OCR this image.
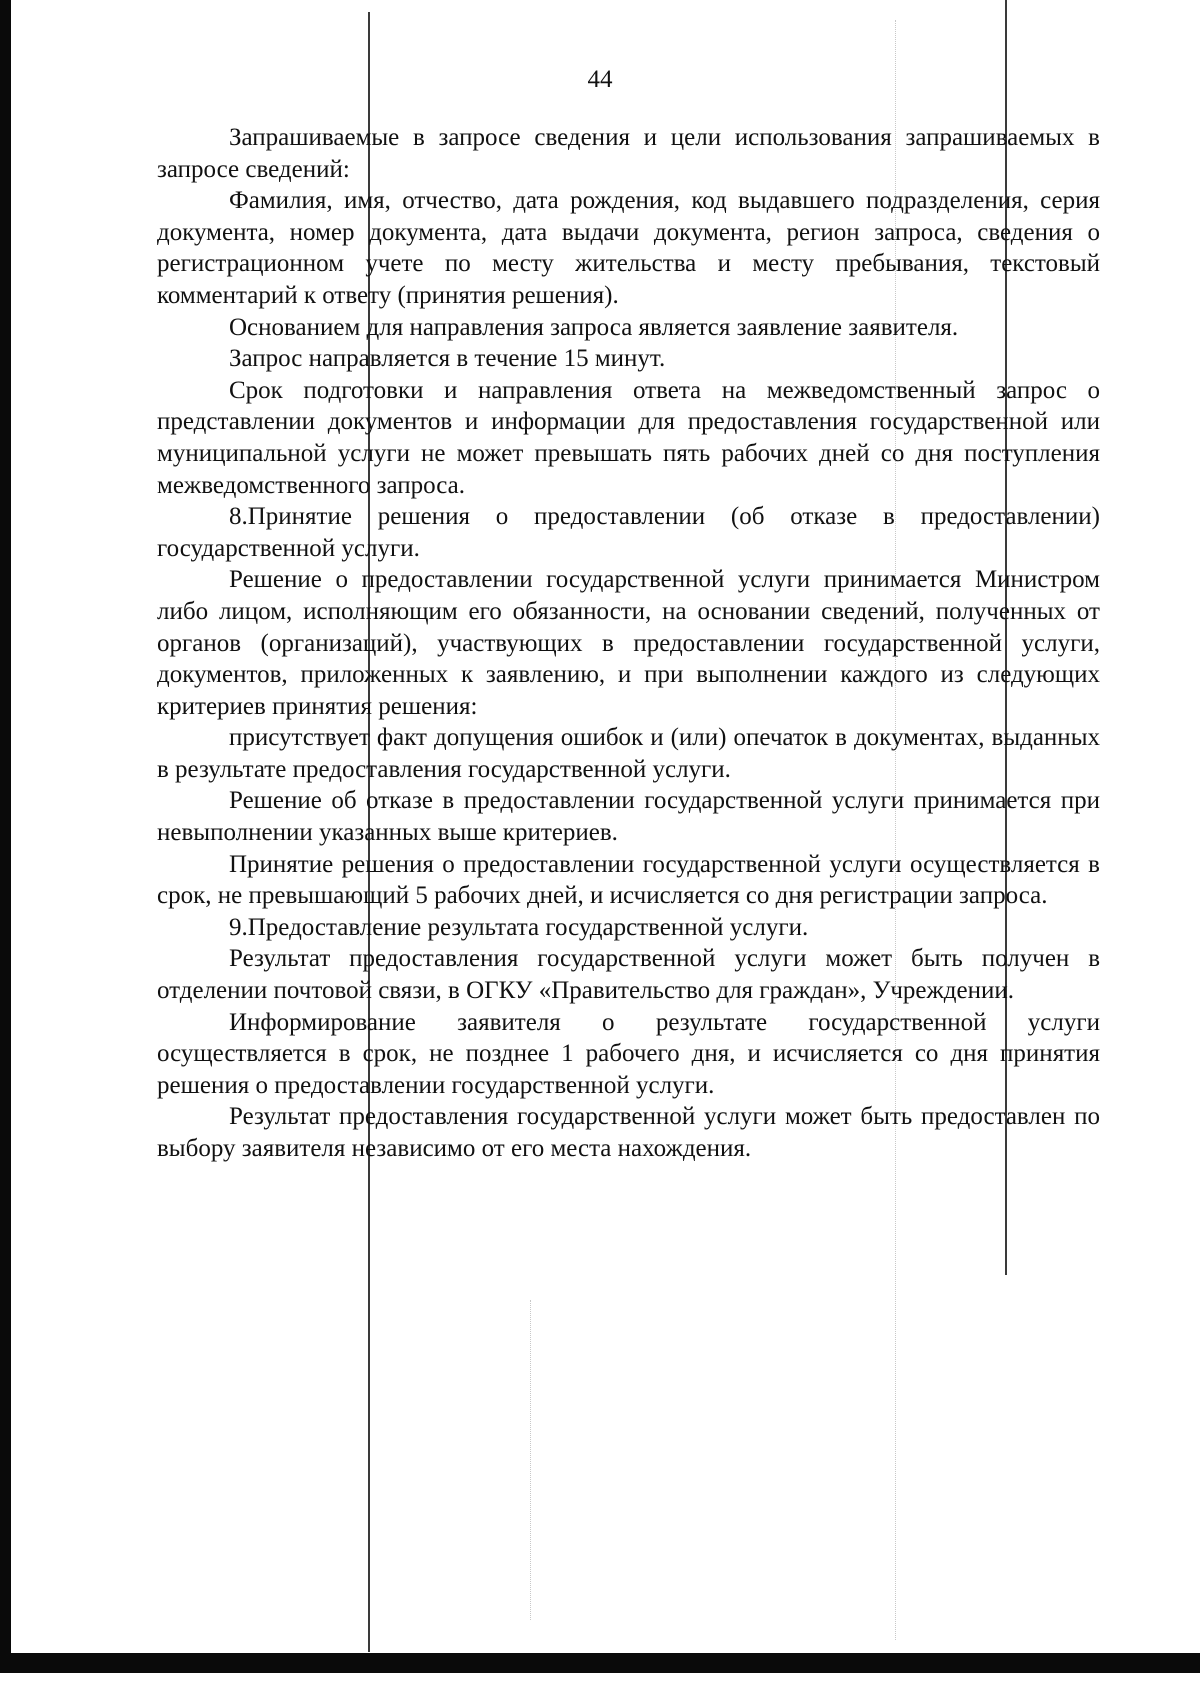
44

Запрашиваемые в запросе сведения и цели использования запрашиваемых в запросе сведений:

Фамилия, имя, отчество, дата рождения, код выдавшего подразделения, серия документа, номер документа, дата выдачи документа, регион запроса, сведения о регистрационном учете по месту жительства и месту пребывания, текстовый комментарий к ответу (принятия решения).

Основанием для направления запроса является заявление заявителя.

Запрос направляется в течение 15 минут.

Срок подготовки и направления ответа на межведомственный запрос о представлении документов и информации для предоставления государственной или муниципальной услуги не может превышать пять рабочих дней со дня поступления межведомственного запроса.

8.Принятие решения о предоставлении (об отказе в предоставлении) государственной услуги.

Решение о предоставлении государственной услуги принимается Министром либо лицом, исполняющим его обязанности, на основании сведений, полученных от органов (организаций), участвующих в предоставлении государственной услуги, документов, приложенных к заявлению, и при выполнении каждого из следующих критериев принятия решения:

присутствует факт допущения ошибок и (или) опечаток в документах, выданных в результате предоставления государственной услуги.

Решение об отказе в предоставлении государственной услуги принимается при невыполнении указанных выше критериев.

Принятие решения о предоставлении государственной услуги осуществляется в срок, не превышающий 5 рабочих дней, и исчисляется со дня регистрации запроса.

9.Предоставление результата государственной услуги.

Результат предоставления государственной услуги может быть получен в отделении почтовой связи, в ОГКУ «Правительство для граждан», Учреждении.

Информирование заявителя о результате государственной услуги осуществляется в срок, не позднее 1 рабочего дня, и исчисляется со дня принятия решения о предоставлении государственной услуги.

Результат предоставления государственной услуги может быть предоставлен по выбору заявителя независимо от его места нахождения.
